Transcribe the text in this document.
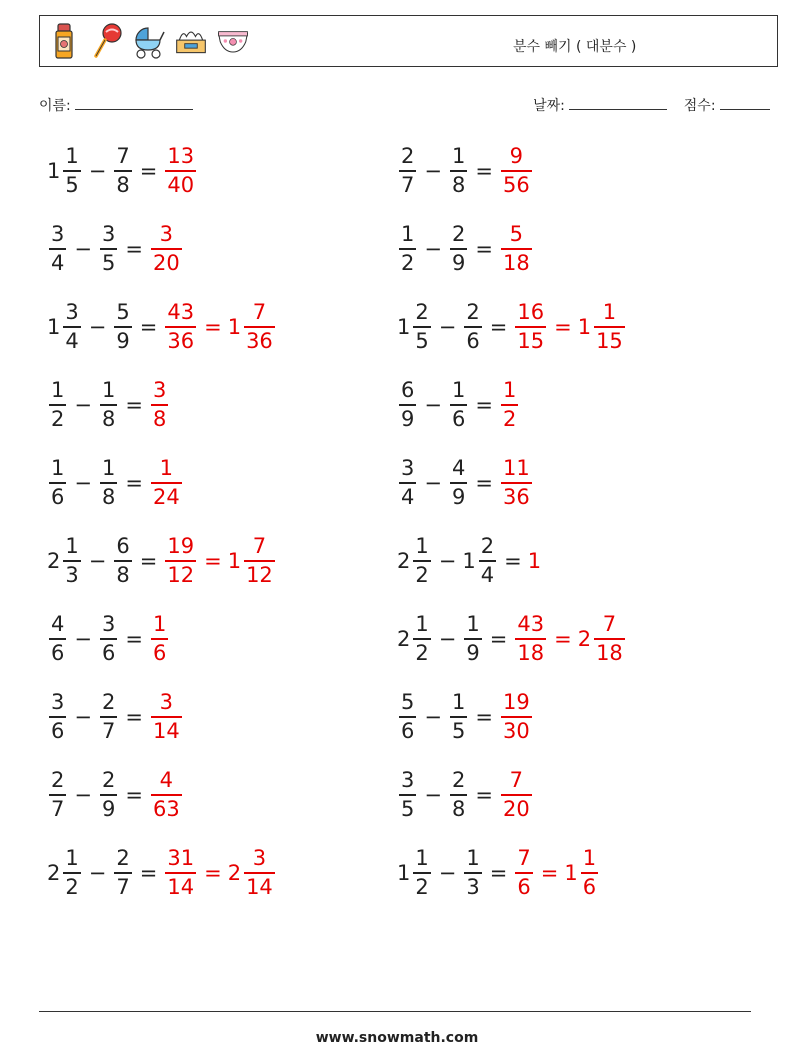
분수 빼기 ( 대분수 )
이름:	날짜:	점수:
$1 \frac{1}{5} - \frac{7}{8} = \frac{13}{40}$	$\frac{2}{7} - \frac{1}{8} = \frac{9}{56}$
$\frac{3}{4} - \frac{3}{5} = \frac{3}{20}$	$\frac{1}{2} - \frac{2}{9} = \frac{5}{18}$
$1 \frac{3}{4} - \frac{5}{9} = \frac{43}{36} = 1 \frac{7}{36}$	$1 \frac{2}{5} - \frac{2}{6} = \frac{16}{15} = 1 \frac{1}{15}$
$\frac{1}{2} - \frac{1}{8} = \frac{3}{8}$	$\frac{6}{9} - \frac{1}{6} = \frac{1}{2}$
$\frac{1}{6} - \frac{1}{8} = \frac{1}{24}$	$\frac{3}{4} - \frac{4}{9} = \frac{11}{36}$
$2 \frac{1}{3} - \frac{6}{8} = \frac{19}{12} = 1 \frac{7}{12}$	$2 \frac{1}{2} - 1 \frac{2}{4} = 1$
$\frac{4}{6} - \frac{3}{6} = \frac{1}{6}$	$2 \frac{1}{2} - \frac{1}{9} = \frac{43}{18} = 2 \frac{7}{18}$
$\frac{3}{6} - \frac{2}{7} = \frac{3}{14}$	$\frac{5}{6} - \frac{1}{5} = \frac{19}{30}$
$\frac{2}{7} - \frac{2}{9} = \frac{4}{63}$	$\frac{3}{5} - \frac{2}{8} = \frac{7}{20}$
$2 \frac{1}{2} - \frac{2}{7} = \frac{31}{14} = 2 \frac{3}{14}$	$1 \frac{1}{2} - \frac{1}{3} = \frac{7}{6} = 1 \frac{1}{6}$
www.snowmath.com
